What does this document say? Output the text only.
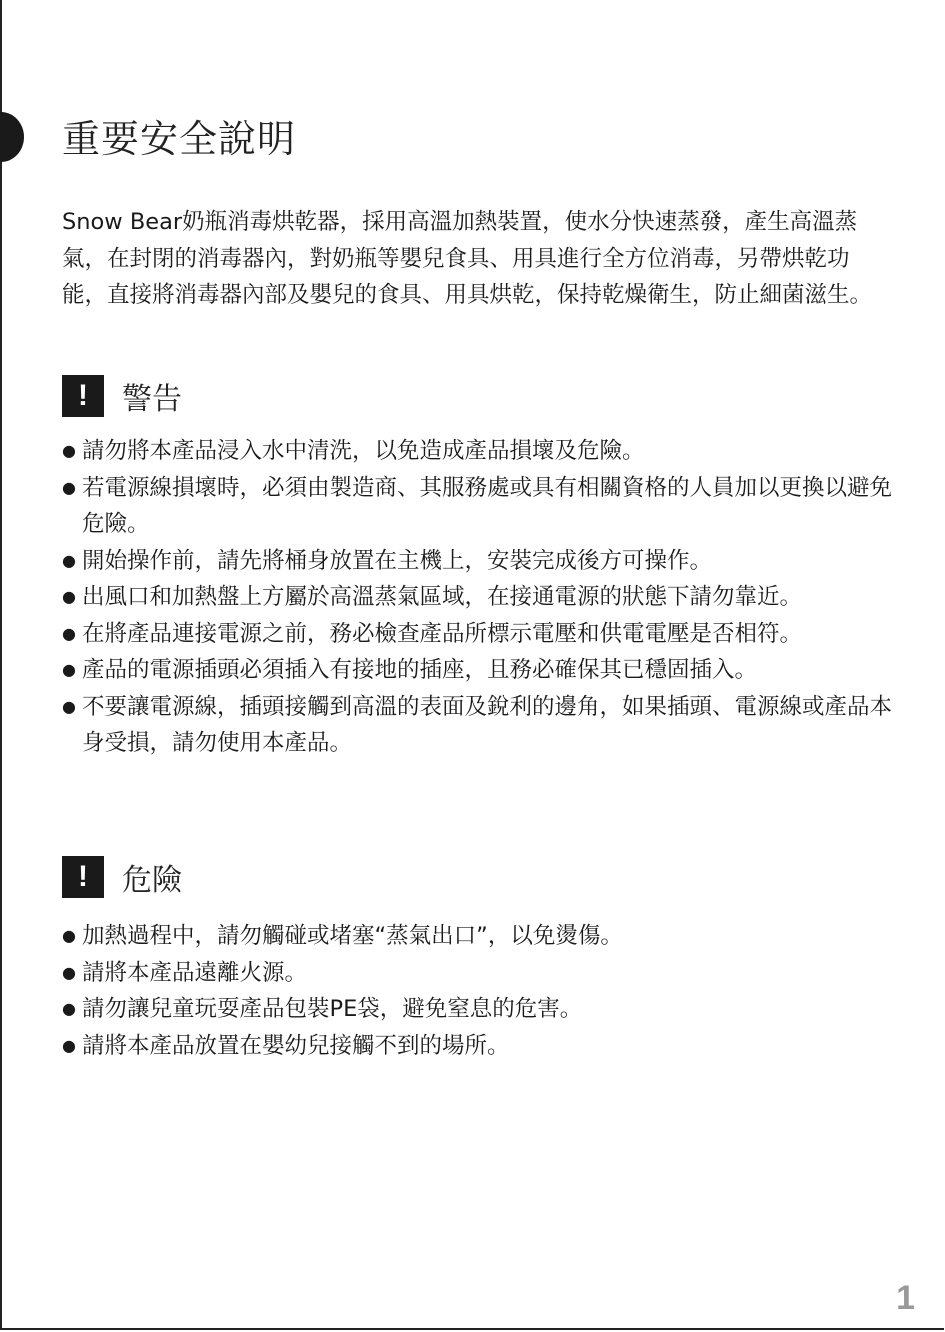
重要安全說明

Snow Bear奶瓶消毒烘乾器，採用高溫加熱裝置，使水分快速蒸發，產生高溫蒸氣，在封閉的消毒器內，對奶瓶等嬰兒食具、用具進行全方位消毒，另帶烘乾功能，直接將消毒器內部及嬰兒的食具、用具烘乾，保持乾燥衛生，防止細菌滋生。

!	警告
● 請勿將本產品浸入水中清洗，以免造成產品損壞及危險。
● 若電源線損壞時，必須由製造商、其服務處或具有相關資格的人員加以更換以避免危險。
● 開始操作前，請先將桶身放置在主機上，安裝完成後方可操作。
● 出風口和加熱盤上方屬於高溫蒸氣區域，在接通電源的狀態下請勿靠近。
● 在將產品連接電源之前，務必檢查產品所標示電壓和供電電壓是否相符。
● 產品的電源插頭必須插入有接地的插座，且務必確保其已穩固插入。
● 不要讓電源線，插頭接觸到高溫的表面及銳利的邊角，如果插頭、電源線或產品本身受損，請勿使用本產品。
!	危險
● 加熱過程中，請勿觸碰或堵塞“蒸氣出口”，以免燙傷。
● 請將本產品遠離火源。
● 請勿讓兒童玩耍產品包裝PE袋，避免窒息的危害。
● 請將本產品放置在嬰幼兒接觸不到的場所。
1
